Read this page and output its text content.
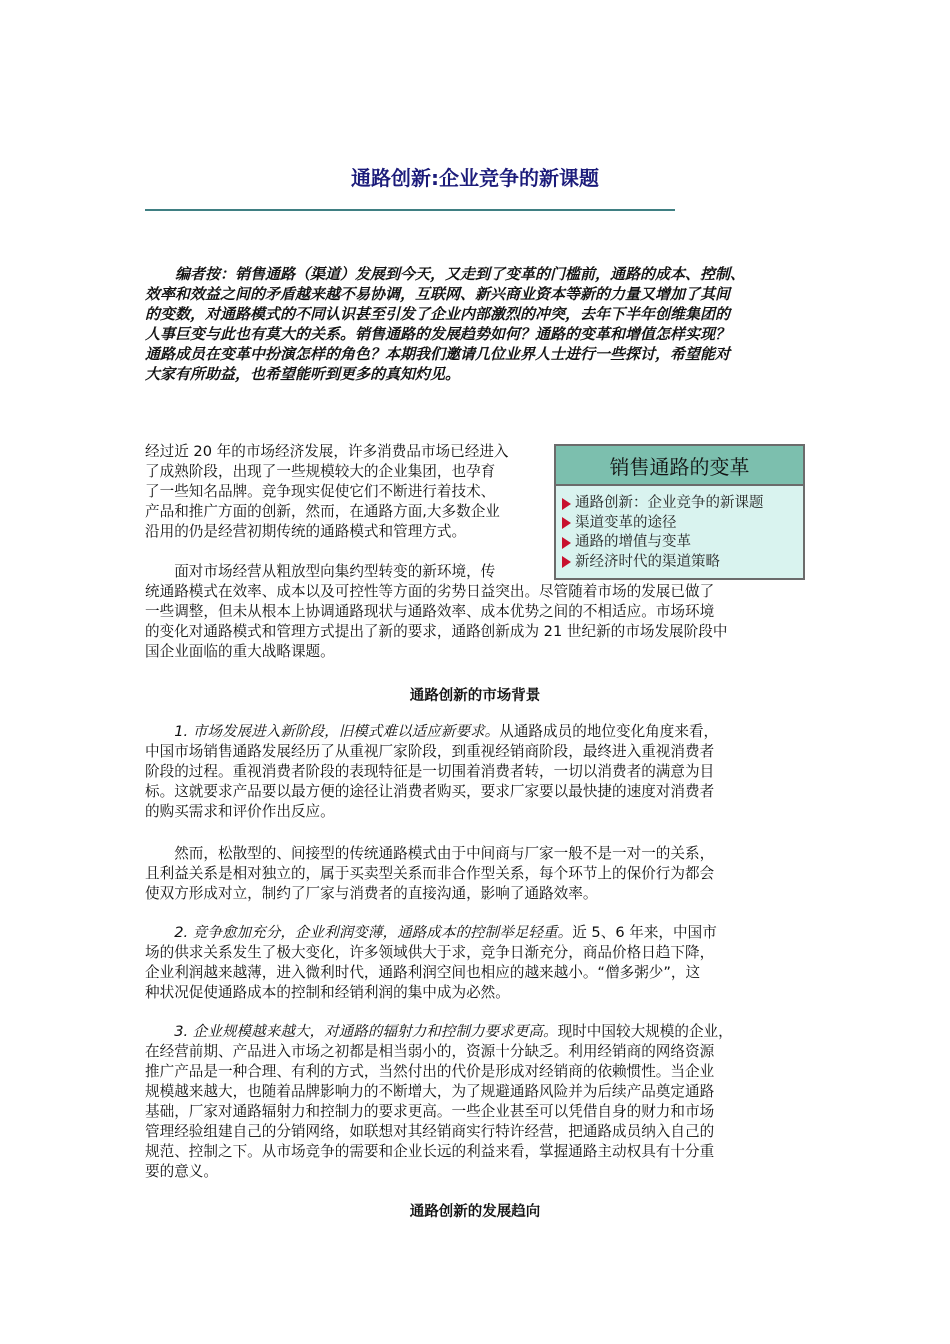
通路创新:企业竞争的新课题
　　编者按：销售通路（渠道）发展到今天，又走到了变革的门槛前，通路的成本、控制、
效率和效益之间的矛盾越来越不易协调，互联网、新兴商业资本等新的力量又增加了其间
的变数，对通路模式的不同认识甚至引发了企业内部激烈的冲突，去年下半年创维集团的
人事巨变与此也有莫大的关系。销售通路的发展趋势如何？通路的变革和增值怎样实现？
通路成员在变革中扮演怎样的角色？本期我们邀请几位业界人士进行一些探讨，希望能对
大家有所助益，也希望能听到更多的真知灼见。
经过近 20 年的市场经济发展，许多消费品市场已经进入
了成熟阶段，出现了一些规模较大的企业集团，也孕育
了一些知名品牌。竞争现实促使它们不断进行着技术、
产品和推广方面的创新，然而，在通路方面,大多数企业
沿用的仍是经营初期传统的通路模式和管理方式。
　　面对市场经营从粗放型向集约型转变的新环境，传
统通路模式在效率、成本以及可控性等方面的劣势日益突出。尽管随着市场的发展已做了
一些调整，但未从根本上协调通路现状与通路效率、成本优势之间的不相适应。市场环境
的变化对通路模式和管理方式提出了新的要求，通路创新成为 21 世纪新的市场发展阶段中
国企业面临的重大战略课题。
销售通路的变革
通路创新：企业竞争的新课题
渠道变革的途径
通路的增值与变革
新经济时代的渠道策略
通路创新的市场背景
　　1. 市场发展进入新阶段，旧模式难以适应新要求。从通路成员的地位变化角度来看，
中国市场销售通路发展经历了从重视厂家阶段，到重视经销商阶段，最终进入重视消费者
阶段的过程。重视消费者阶段的表现特征是一切围着消费者转，一切以消费者的满意为目
标。这就要求产品要以最方便的途径让消费者购买，要求厂家要以最快捷的速度对消费者
的购买需求和评价作出反应。
　　然而，松散型的、间接型的传统通路模式由于中间商与厂家一般不是一对一的关系，
且利益关系是相对独立的，属于买卖型关系而非合作型关系，每个环节上的保价行为都会
使双方形成对立，制约了厂家与消费者的直接沟通，影响了通路效率。
　　2. 竞争愈加充分，企业利润变薄，通路成本的控制举足轻重。近 5、6 年来，中国市
场的供求关系发生了极大变化，许多领域供大于求，竞争日渐充分，商品价格日趋下降，
企业利润越来越薄，进入微利时代，通路利润空间也相应的越来越小。“僧多粥少”，这
种状况促使通路成本的控制和经销利润的集中成为必然。
　　3. 企业规模越来越大，对通路的辐射力和控制力要求更高。现时中国较大规模的企业，
在经营前期、产品进入市场之初都是相当弱小的，资源十分缺乏。利用经销商的网络资源
推广产品是一种合理、有利的方式，当然付出的代价是形成对经销商的依赖惯性。当企业
规模越来越大，也随着品牌影响力的不断增大，为了规避通路风险并为后续产品奠定通路
基础，厂家对通路辐射力和控制力的要求更高。一些企业甚至可以凭借自身的财力和市场
管理经验组建自己的分销网络，如联想对其经销商实行特许经营，把通路成员纳入自己的
规范、控制之下。从市场竞争的需要和企业长远的利益来看，掌握通路主动权具有十分重
要的意义。
通路创新的发展趋向
